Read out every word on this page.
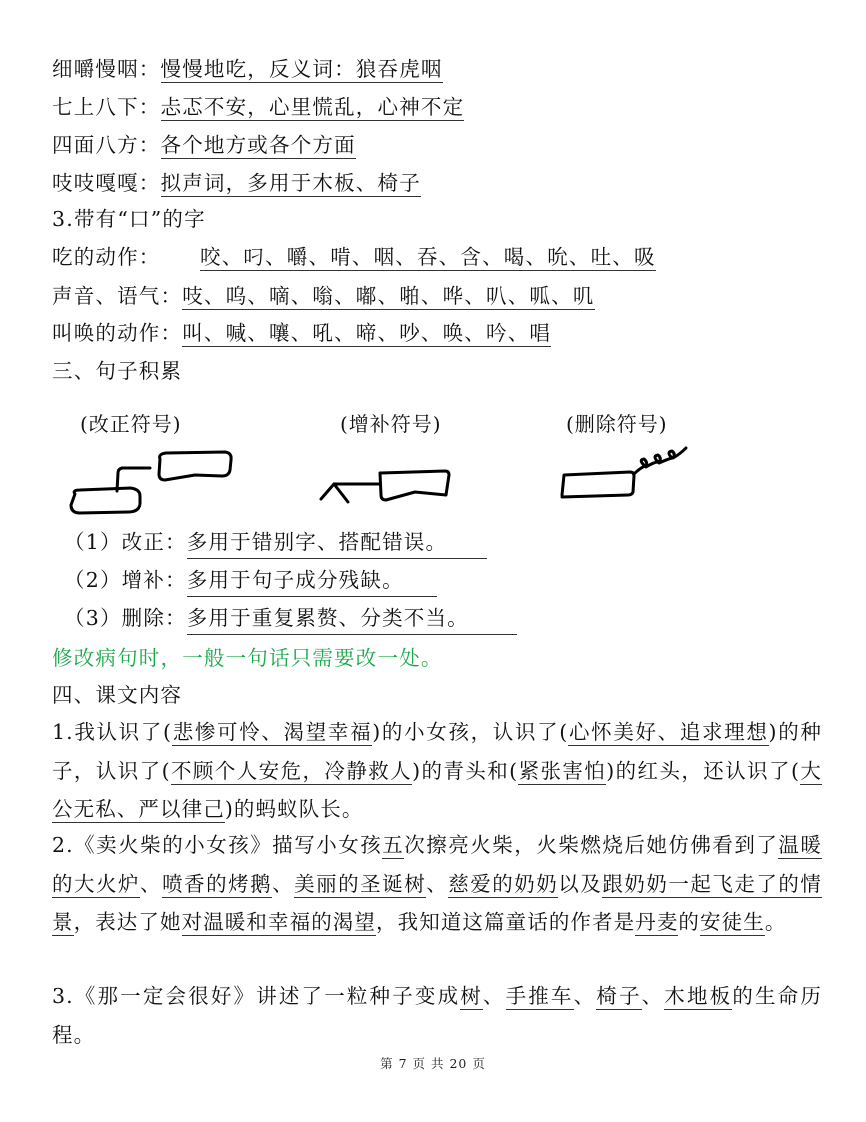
细嚼慢咽：慢慢地吃，反义词：狼吞虎咽
七上八下：忐忑不安，心里慌乱，心神不定
四面八方：各个地方或各个方面
吱吱嘎嘎：拟声词，多用于木板、椅子
3.带有“口”的字
吃的动作： 咬、叼、嚼、啃、咽、吞、含、喝、吮、吐、吸
声音、语气：吱、呜、嘀、嗡、嘟、啪、哗、叭、呱、叽
叫唤的动作：叫、喊、嚷、吼、啼、吵、唤、吟、唱
三、句子积累
(改正符号)	(增补符号)	(删除符号)
（1）改正：多用于错别字、搭配错误。
（2）增补：多用于句子成分残缺。
（3）删除：多用于重复累赘、分类不当。
修改病句时，一般一句话只需要改一处。
四、课文内容
1.我认识了(悲惨可怜、渴望幸福)的小女孩，认识了(心怀美好、追求理想)的种子，认识了(不顾个人安危，冷静救人)的青头和(紧张害怕)的红头，还认识了(大公无私、严以律己)的蚂蚁队长。
2.《卖火柴的小女孩》描写小女孩五次擦亮火柴，火柴燃烧后她仿佛看到了温暖的大火炉、喷香的烤鹅、美丽的圣诞树、慈爱的奶奶以及跟奶奶一起飞走了的情景，表达了她对温暖和幸福的渴望，我知道这篇童话的作者是丹麦的安徒生。
3.《那一定会很好》讲述了一粒种子变成树、手推车、椅子、木地板的生命历程。
第 7 页 共 20 页
